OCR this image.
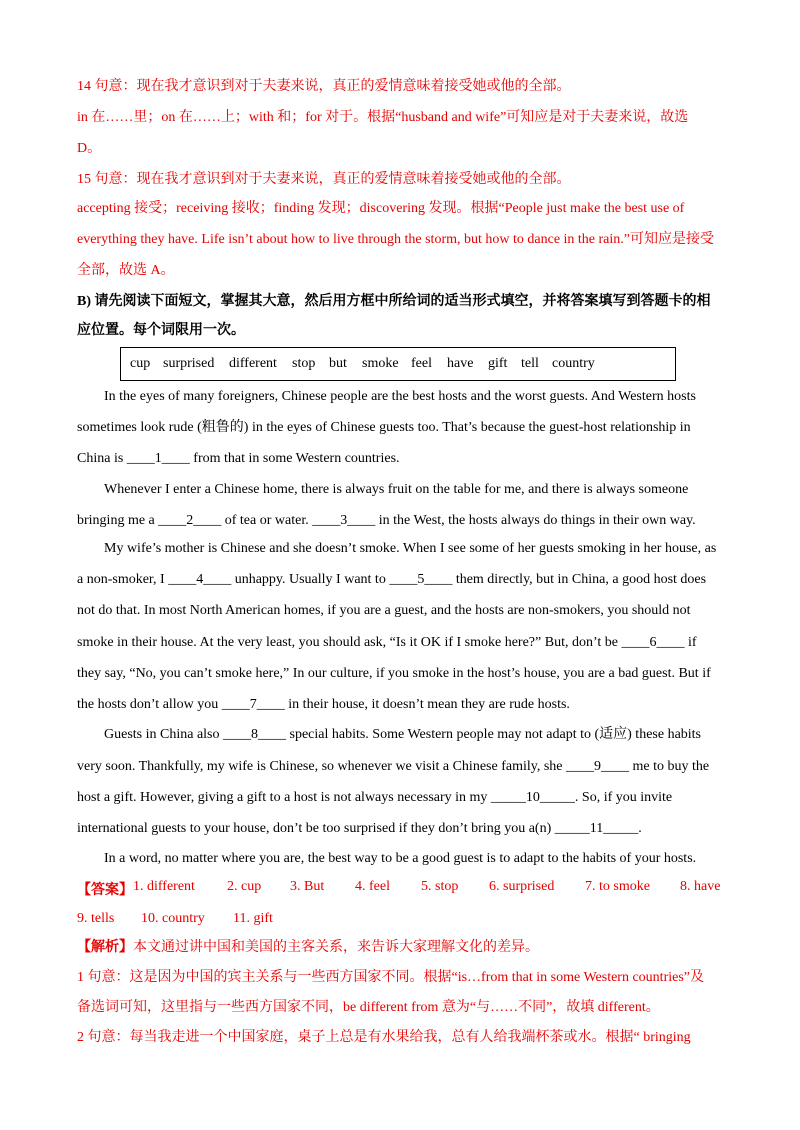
14 句意：现在我才意识到对于夫妻来说，真正的爱情意味着接受她或他的全部。
in 在……里；on 在……上；with 和；for 对于。根据“husband and wife”可知应是对于夫妻来说，故选
D。
15 句意：现在我才意识到对于夫妻来说，真正的爱情意味着接受她或他的全部。
accepting 接受；receiving 接收；finding 发现；discovering 发现。根据“People just make the best use of
everything they have. Life isn’t about how to live through the storm, but how to dance in the rain.”可知应是接受
全部，故选 A。
B) 请先阅读下面短文，掌握其大意，然后用方框中所给词的适当形式填空，并将答案填写到答题卡的相
应位置。每个词限用一次。
cup surprised different stop but smoke feel have gift tell country
In the eyes of many foreigners, Chinese people are the best hosts and the worst guests. And Western hosts
sometimes look rude (粗鲁的) in the eyes of Chinese guests too. That’s because the guest-host relationship in
China is ____1____ from that in some Western countries.
Whenever I enter a Chinese home, there is always fruit on the table for me, and there is always someone
bringing me a ____2____ of tea or water. ____3____ in the West, the hosts always do things in their own way.
My wife’s mother is Chinese and she doesn’t smoke. When I see some of her guests smoking in her house, as
a non-smoker, I ____4____ unhappy. Usually I want to ____5____ them directly, but in China, a good host does
not do that. In most North American homes, if you are a guest, and the hosts are non-smokers, you should not
smoke in their house. At the very least, you should ask, “Is it OK if I smoke here?” But, don’t be ____6____ if
they say, “No, you can’t smoke here,” In our culture, if you smoke in the host’s house, you are a bad guest. But if
the hosts don’t allow you ____7____ in their house, it doesn’t mean they are rude hosts.
Guests in China also ____8____ special habits. Some Western people may not adapt to (适应) these habits
very soon. Thankfully, my wife is Chinese, so whenever we visit a Chinese family, she ____9____ me to buy the
host a gift. However, giving a gift to a host is not always necessary in my _____10_____. So, if you invite
international guests to your house, don’t be too surprised if they don’t bring you a(n) _____11_____.
In a word, no matter where you are, the best way to be a good guest is to adapt to the habits of your hosts.
【答案】 1. different 2. cup 3. But 4. feel 5. stop 6. surprised 7. to smoke 8. have
9. tells 10. country 11. gift
【解析】本文通过讲中国和美国的主客关系，来告诉大家理解文化的差异。
1 句意：这是因为中国的宾主关系与一些西方国家不同。根据“is…from that in some Western countries”及
备选词可知，这里指与一些西方国家不同，be different from 意为“与……不同”，故填 different。
2 句意：每当我走进一个中国家庭，桌子上总是有水果给我，总有人给我端杯茶或水。根据“ bringing
